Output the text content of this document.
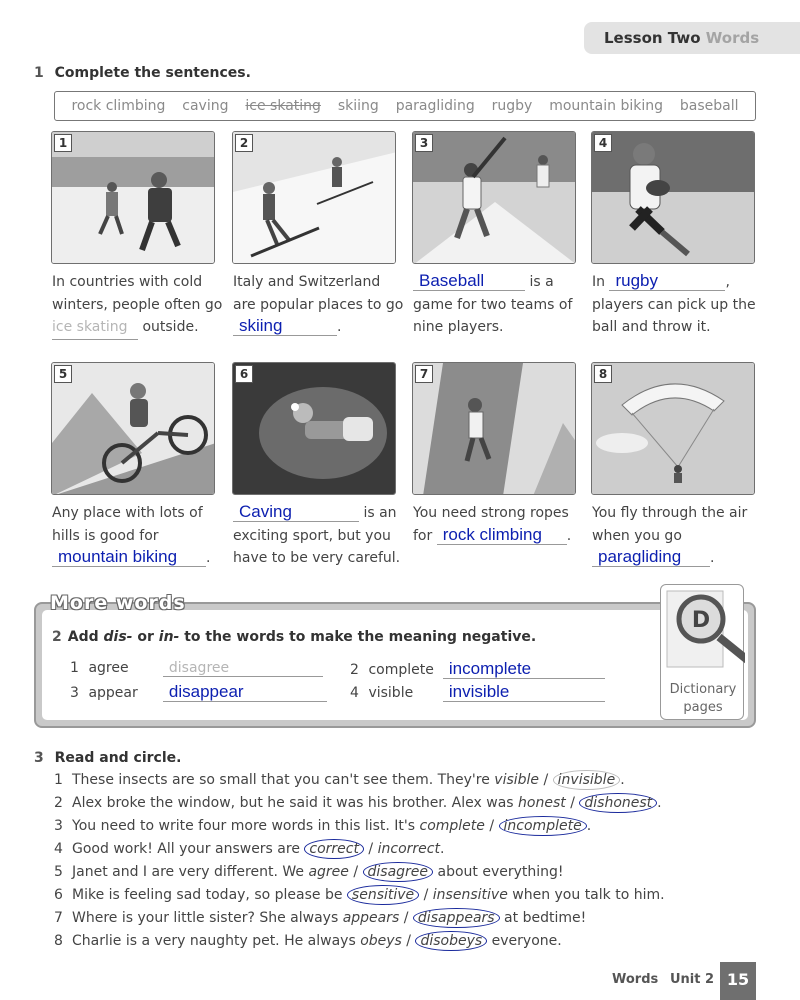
Lesson Two Words
1 Complete the sentences.
rock climbing caving ice skating skiing paragliding rugby mountain biking baseball
1	2	3	4
In countries with cold winters, people often go ice skating outside.
Italy and Switzerland are popular places to go skiing	.
Baseball	is a game for two teams of nine players.
In rugby	, players can pick up the ball and throw it.
5	6	7	8
Any place with lots of hills is good for mountain biking .
Caving	is an exciting sport, but you have to be very careful.
You need strong ropes for rock climbing .
You fly through the air when you go paragliding .
More words
2 Add dis- or in- to the words to make the meaning negative.
1 agree	disagree	2 complete incomplete
3 appear disappear	4 visible invisible
D
Dictionary
pages
3 Read and circle.
1 These insects are so small that you can't see them. They're visible / invisible .
2 Alex broke the window, but he said it was his brother. Alex was honest / dishonest .
3 You need to write four more words in this list. It's complete / incomplete .
4 Good work! All your answers are correct / incorrect.
5 Janet and I are very different. We agree / disagree about everything!
6 Mike is feeling sad today, so please be sensitive / insensitive when you talk to him.
7 Where is your little sister? She always appears / disappears at bedtime!
8 Charlie is a very naughty pet. He always obeys / disobeys everyone.
Words Unit 2 15
